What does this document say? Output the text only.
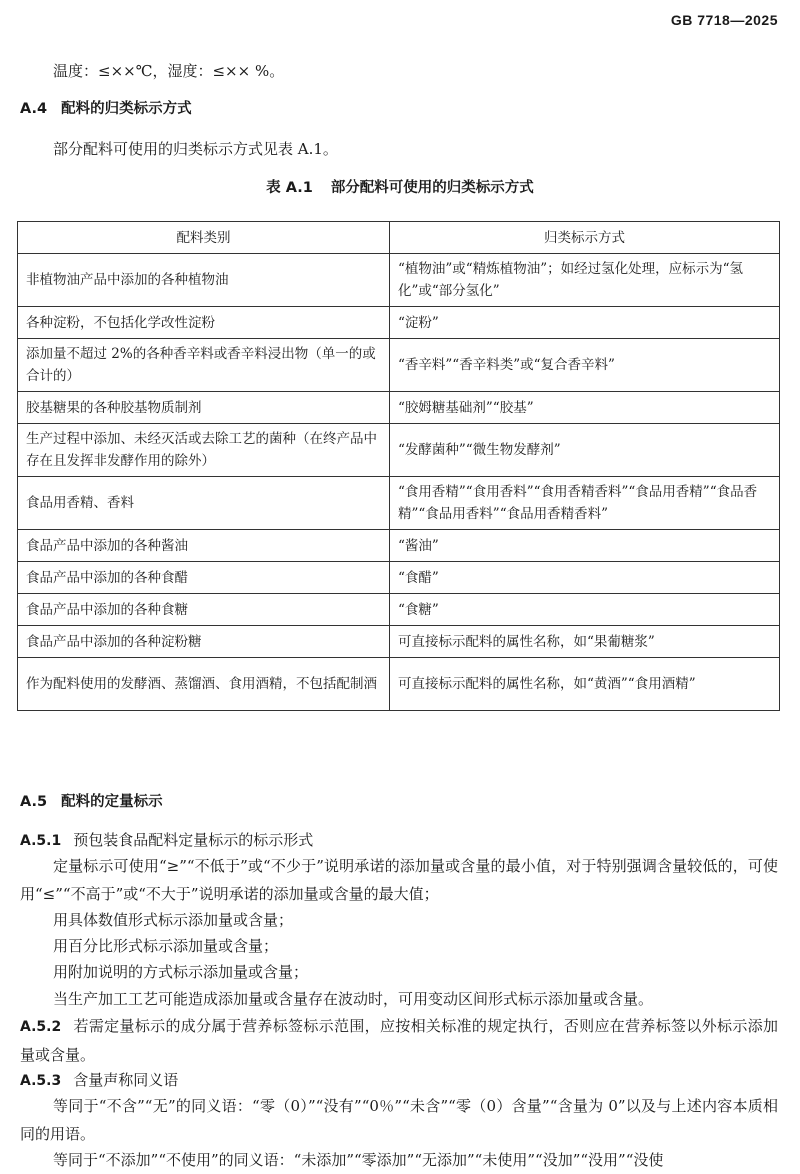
GB 7718—2025

温度：≤××℃，湿度：≤×× %。

A.4 配料的归类标示方式

部分配料可使用的归类标示方式见表 A.1。

表 A.1 部分配料可使用的归类标示方式

配料类别	归类标示方式
非植物油产品中添加的各种植物油	“植物油”或“精炼植物油”；如经过氢化处理，应标示为“氢化”或“部分氢化”
各种淀粉，不包括化学改性淀粉	“淀粉”
添加量不超过 2%的各种香辛料或香辛料浸出物（单一的或合计的）	“香辛料”“香辛料类”或“复合香辛料”
胶基糖果的各种胶基物质制剂	“胶姆糖基础剂”“胶基”
生产过程中添加、未经灭活或去除工艺的菌种（在终产品中存在且发挥非发酵作用的除外）	“发酵菌种”“微生物发酵剂”
食品用香精、香料	“食用香精”“食用香料”“食用香精香料”“食品用香精”“食品香精”“食品用香料”“食品用香精香料”
食品产品中添加的各种酱油	“酱油”
食品产品中添加的各种食醋	“食醋”
食品产品中添加的各种食糖	“食糖”
食品产品中添加的各种淀粉糖	可直接标示配料的属性名称，如“果葡糖浆”
作为配料使用的发酵酒、蒸馏酒、食用酒精，不包括配制酒	可直接标示配料的属性名称，如“黄酒”“食用酒精”

A.5 配料的定量标示

A.5.1 预包装食品配料定量标示的标示形式

定量标示可使用“≥”“不低于”或“不少于”说明承诺的添加量或含量的最小值，对于特别强调含量较低的，可使用“≤”“不高于”或“不大于”说明承诺的添加量或含量的最大值；

用具体数值形式标示添加量或含量；

用百分比形式标示添加量或含量；

用附加说明的方式标示添加量或含量；

当生产加工工艺可能造成添加量或含量存在波动时，可用变动区间形式标示添加量或含量。

A.5.2 若需定量标示的成分属于营养标签标示范围，应按相关标准的规定执行，否则应在营养标签以外标示添加量或含量。

A.5.3 含量声称同义语

等同于“不含”“无”的同义语：“零（0）”“没有”“0％”“未含”“零（0）含量”“含量为 0”以及与上述内容本质相同的用语。

等同于“不添加”“不使用”的同义语：“未添加”“零添加”“无添加”“未使用”“没加”“没用”“没使
